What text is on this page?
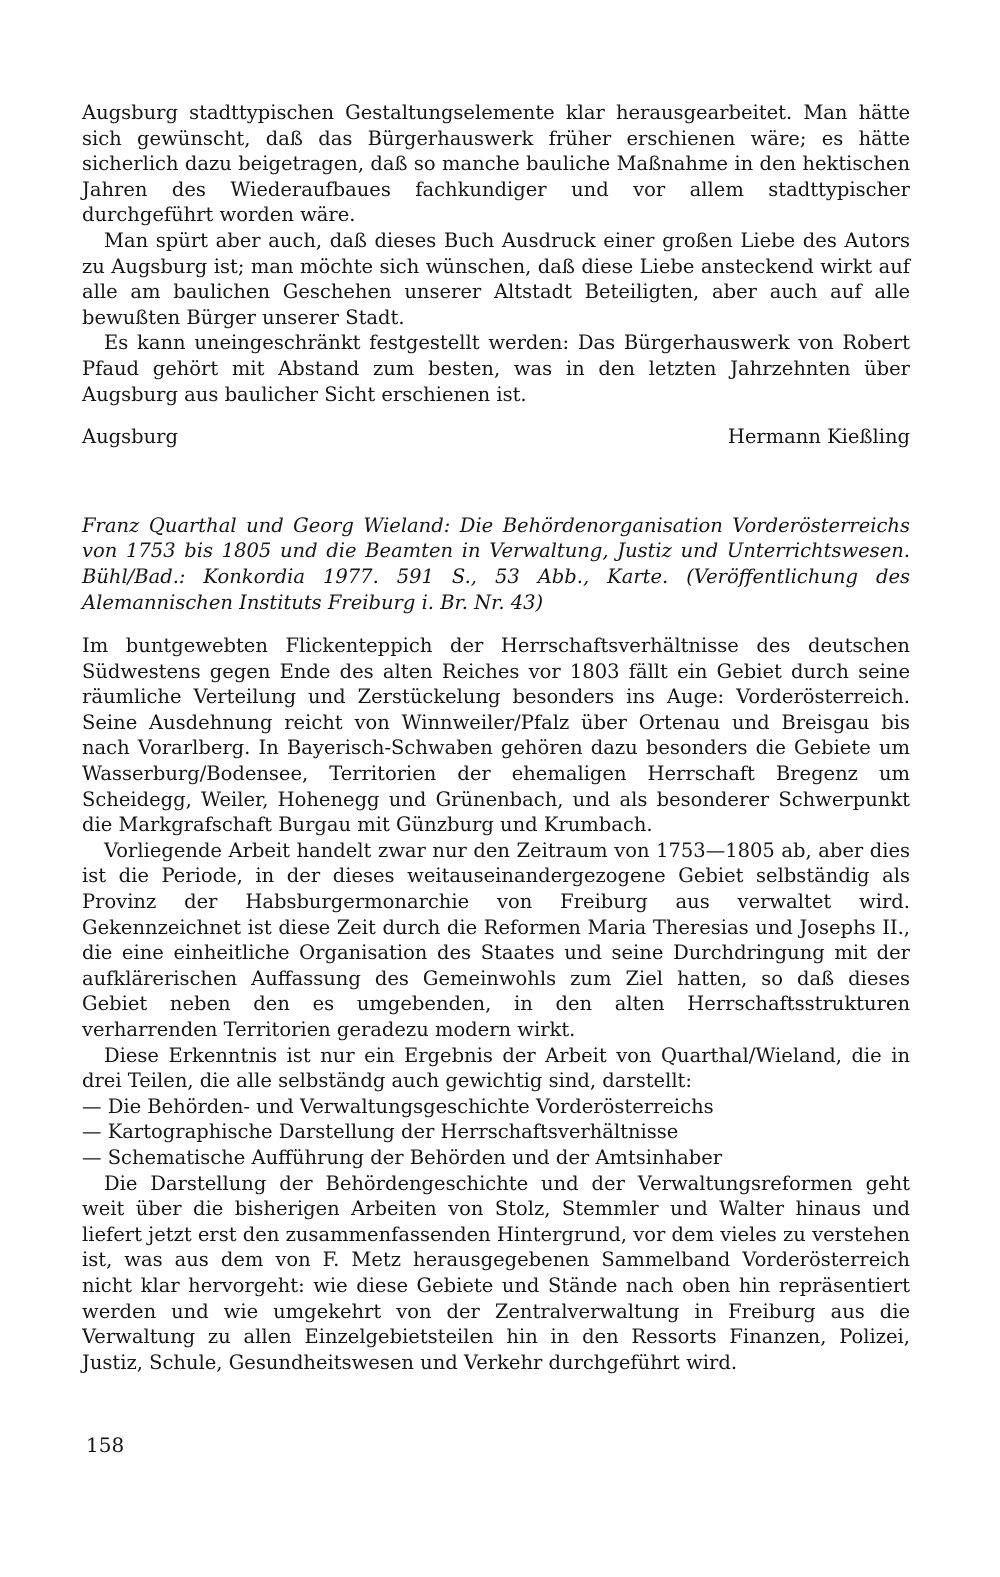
Augsburg stadttypischen Gestaltungselemente klar herausgearbeitet. Man hätte sich gewünscht, daß das Bürgerhauswerk früher erschienen wäre; es hätte sicherlich dazu beigetragen, daß so manche bauliche Maßnahme in den hektischen Jahren des Wiederaufbaues fachkundiger und vor allem stadttypischer durchgeführt worden wäre.

Man spürt aber auch, daß dieses Buch Ausdruck einer großen Liebe des Autors zu Augsburg ist; man möchte sich wünschen, daß diese Liebe ansteckend wirkt auf alle am baulichen Geschehen unserer Altstadt Beteiligten, aber auch auf alle bewußten Bürger unserer Stadt.

Es kann uneingeschränkt festgestellt werden: Das Bürgerhauswerk von Robert Pfaud gehört mit Abstand zum besten, was in den letzten Jahrzehnten über Augsburg aus baulicher Sicht erschienen ist.

Augsburg	Hermann Kießling

Franz Quarthal und Georg Wieland: Die Behördenorganisation Vorderösterreichs von 1753 bis 1805 und die Beamten in Verwaltung, Justiz und Unterrichtswesen. Bühl/Bad.: Konkordia 1977. 591 S., 53 Abb., Karte. (Veröffentlichung des Alemannischen Instituts Freiburg i. Br. Nr. 43)

Im buntgewebten Flickenteppich der Herrschaftsverhältnisse des deutschen Südwestens gegen Ende des alten Reiches vor 1803 fällt ein Gebiet durch seine räumliche Verteilung und Zerstückelung besonders ins Auge: Vorderösterreich. Seine Ausdehnung reicht von Winnweiler/Pfalz über Ortenau und Breisgau bis nach Vorarlberg. In Bayerisch-Schwaben gehören dazu besonders die Gebiete um Wasserburg/Bodensee, Territorien der ehemaligen Herrschaft Bregenz um Scheidegg, Weiler, Hohenegg und Grünenbach, und als besonderer Schwerpunkt die Markgrafschaft Burgau mit Günzburg und Krumbach.

Vorliegende Arbeit handelt zwar nur den Zeitraum von 1753—1805 ab, aber dies ist die Periode, in der dieses weitauseinandergezogene Gebiet selbständig als Provinz der Habsburgermonarchie von Freiburg aus verwaltet wird. Gekennzeichnet ist diese Zeit durch die Reformen Maria Theresias und Josephs II., die eine einheitliche Organisation des Staates und seine Durchdringung mit der aufklärerischen Auffassung des Gemeinwohls zum Ziel hatten, so daß dieses Gebiet neben den es umgebenden, in den alten Herrschaftsstrukturen verharrenden Territorien geradezu modern wirkt.

Diese Erkenntnis ist nur ein Ergebnis der Arbeit von Quarthal/Wieland, die in drei Teilen, die alle selbständg auch gewichtig sind, darstellt:

— Die Behörden- und Verwaltungsgeschichte Vorderösterreichs
— Kartographische Darstellung der Herrschaftsverhältnisse
— Schematische Aufführung der Behörden und der Amtsinhaber

Die Darstellung der Behördengeschichte und der Verwaltungsreformen geht weit über die bisherigen Arbeiten von Stolz, Stemmler und Walter hinaus und liefert jetzt erst den zusammenfassenden Hintergrund, vor dem vieles zu verstehen ist, was aus dem von F. Metz herausgegebenen Sammelband Vorderösterreich nicht klar hervorgeht: wie diese Gebiete und Stände nach oben hin repräsentiert werden und wie umgekehrt von der Zentralverwaltung in Freiburg aus die Verwaltung zu allen Einzelgebietsteilen hin in den Ressorts Finanzen, Polizei, Justiz, Schule, Gesundheitswesen und Verkehr durchgeführt wird.

158
